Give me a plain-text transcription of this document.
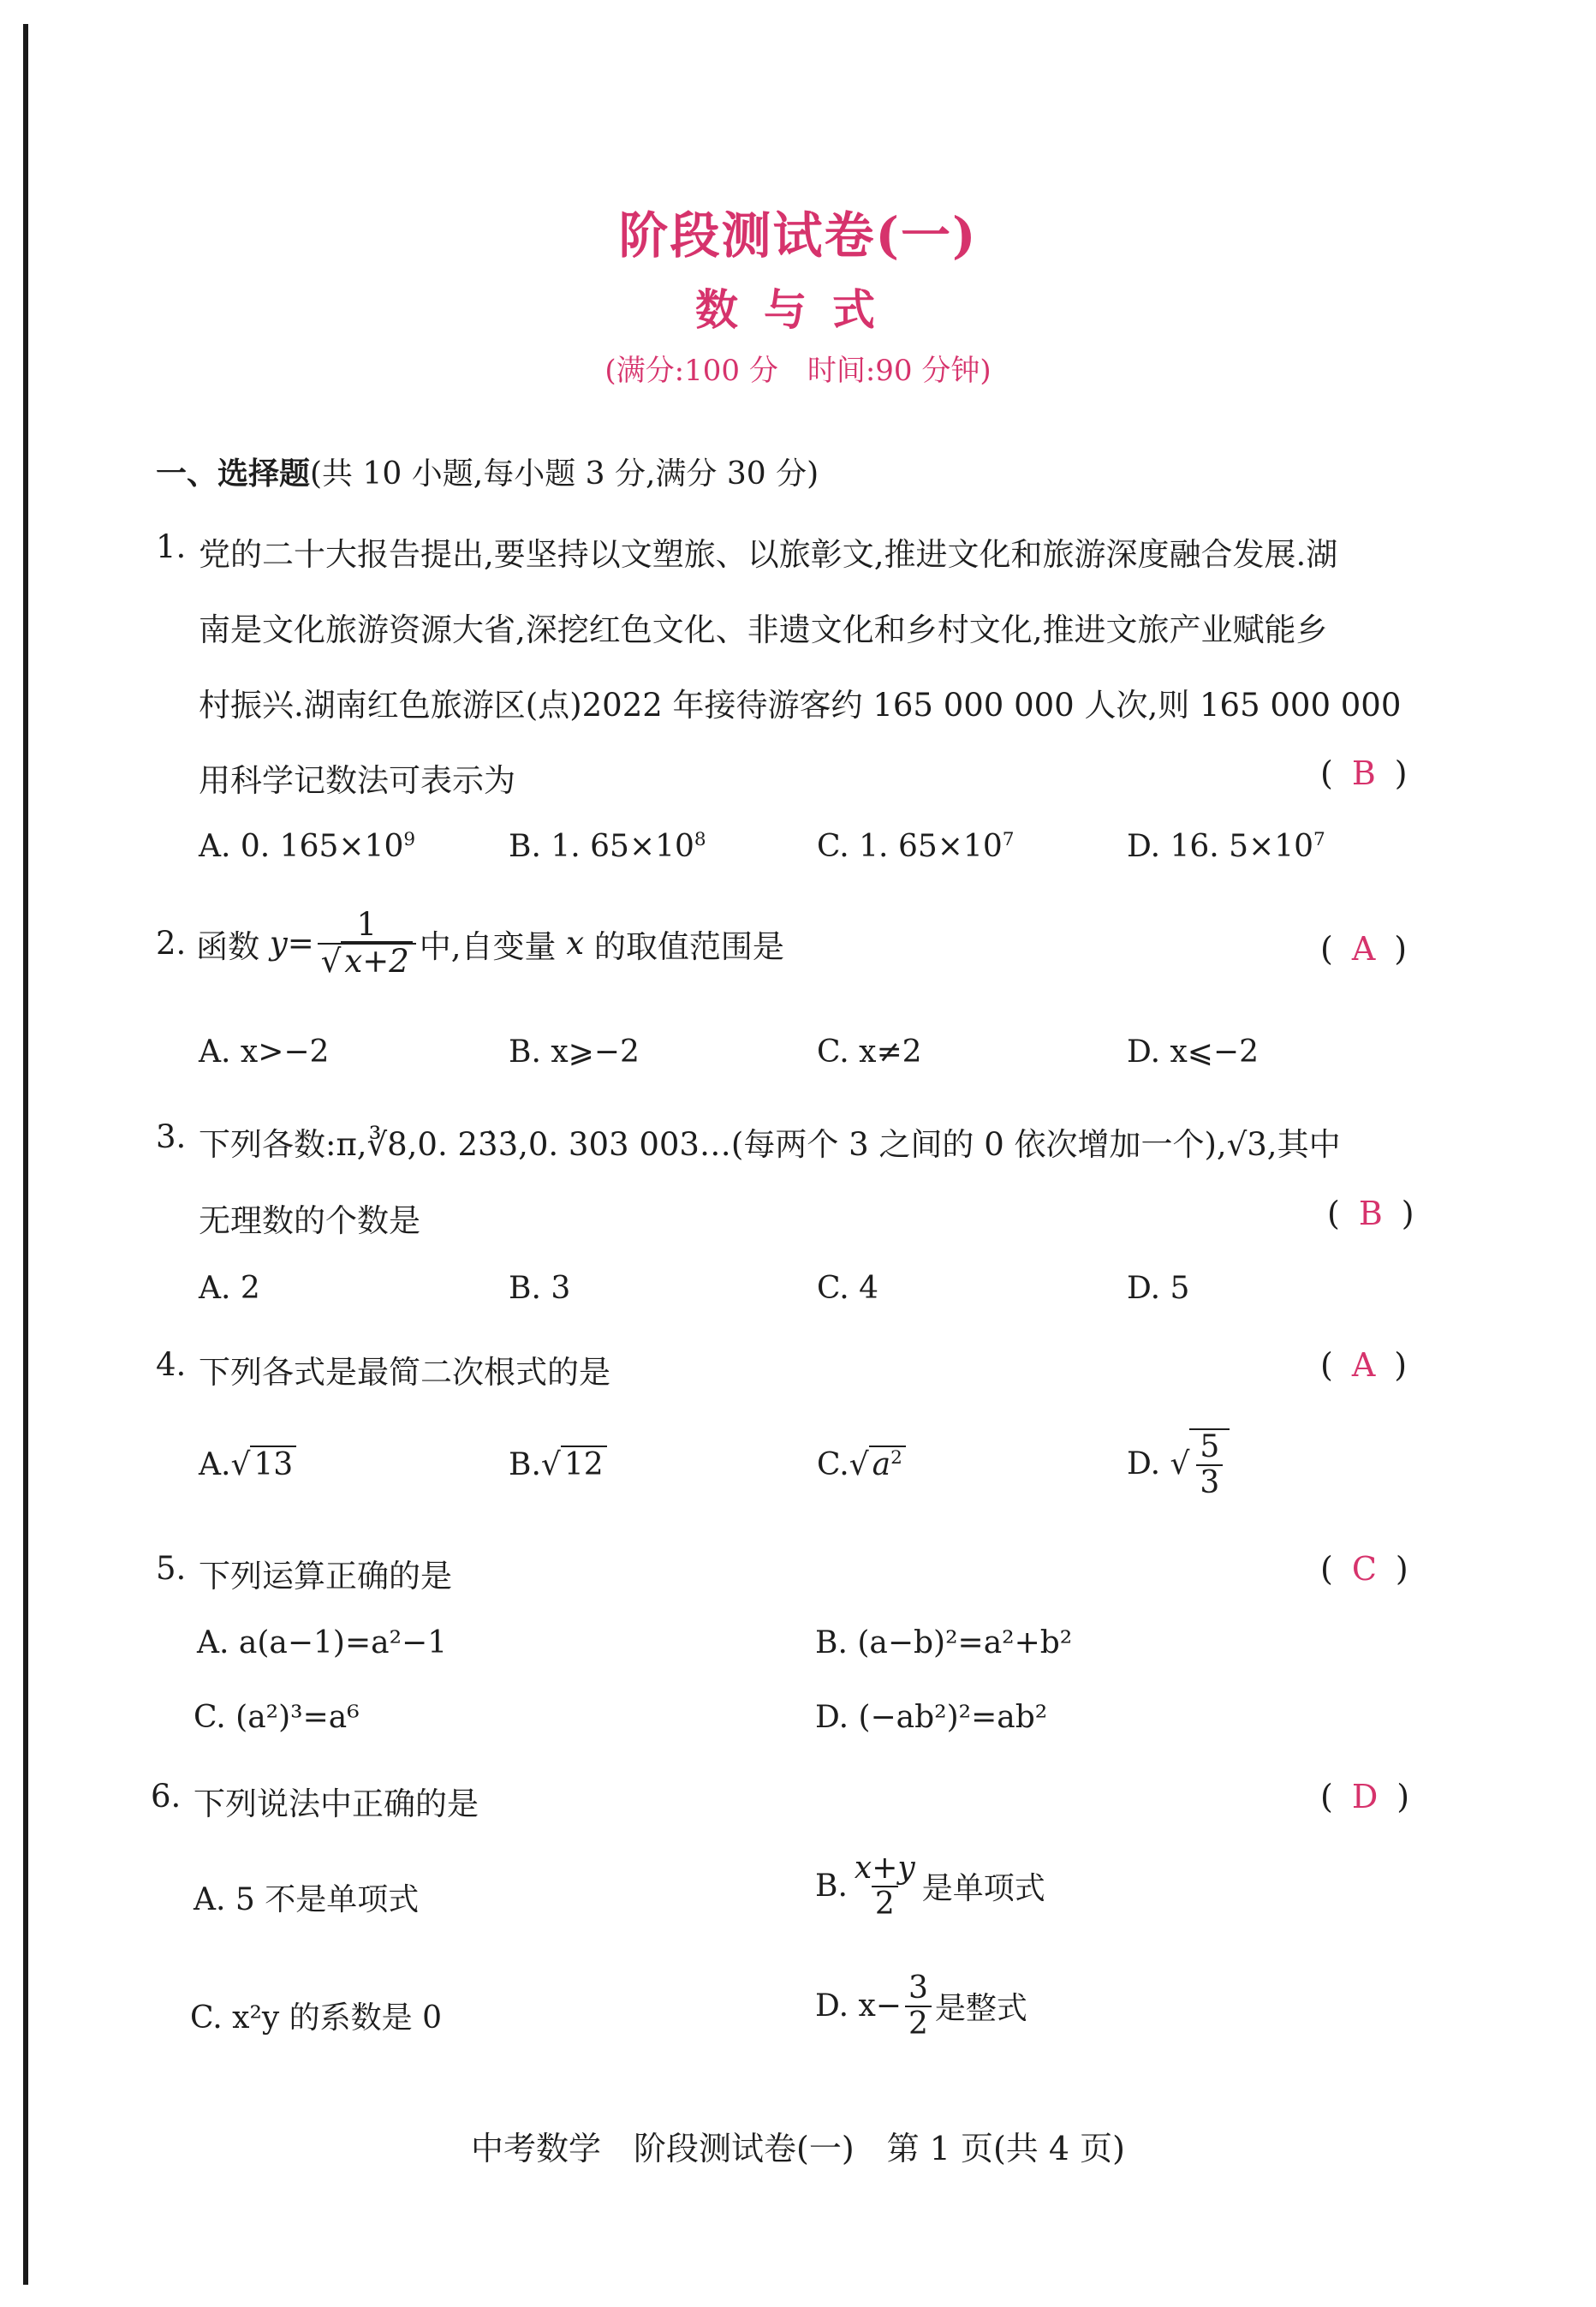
阶段测试卷(一)
数与式
(满分:100 分　时间:90 分钟)
一、选择题(共 10 小题,每小题 3 分,满分 30 分)
1. 党的二十大报告提出,要坚持以文塑旅、以旅彰文,推进文化和旅游深度融合发展.湖
南是文化旅游资源大省,深挖红色文化、非遗文化和乡村文化,推进文旅产业赋能乡
村振兴.湖南红色旅游区(点)2022 年接待游客约 165 000 000 人次,则 165 000 000
用科学记数法可表示为	( B )
A. 0. $165\times 10^9$	B. 1. $65\times 10^8$	C. 1. $65\times 10^7$	D. 16. $5\times 10^7$
2.
函数
$y= \frac{1}{√ x+2}$ 中,自变量
x
的取值范围是	( A )
A. x>−2	B. x⩾−2	C. x≠2	D. x⩽−2
3. 下列各数:π,∛8,0. 23̇3̇,0. 303 003…(每两个 3 之间的 0 依次增加一个),√3,其中
无理数的个数是	( B )
A. 2	B. 3	C. 4	D. 5
4. 下列各式是最简二次根式的是	( A )
A.√ 13	B.√ 12	C.√ $a^2$	D. √ $\frac{5}{3}$
5. 下列运算正确的是	( C )
A. a(a−1)=a²−1	B. (a−b)²=a²+b²
C. (a²)³=a⁶	D. (−ab²)²=ab²
6. 下列说法中正确的是	( D )
A. 5 不是单项式	B. $\frac{x+y}{2}$ 是单项式
C. x²y 的系数是 0	D. $x- \frac{3}{2}$ 是整式
中考数学　阶段测试卷(一)　第 1 页(共 4 页)
